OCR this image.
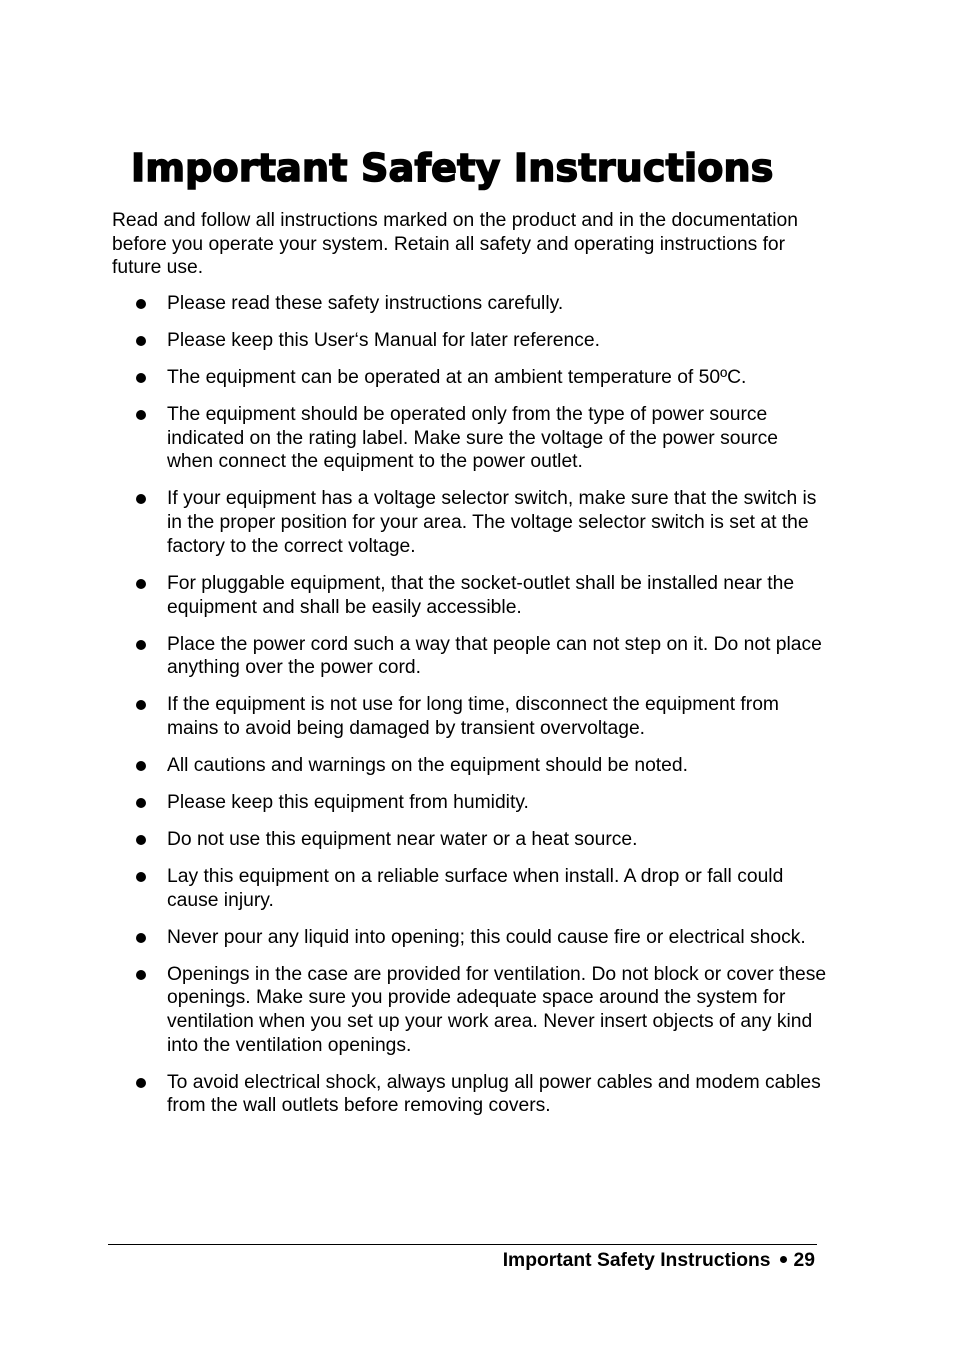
Important Safety Instructions

Read and follow all instructions marked on the product and in the documentation before you operate your system. Retain all safety and operating instructions for future use.

Please read these safety instructions carefully.
Please keep this User‘s Manual for later reference.
The equipment can be operated at an ambient temperature of 50ºC.
The equipment should be operated only from the type of power source indicated on the rating label. Make sure the voltage of the power source when connect the equipment to the power outlet.
If your equipment has a voltage selector switch, make sure that the switch is in the proper position for your area. The voltage selector switch is set at the factory to the correct voltage.
For pluggable equipment, that the socket-outlet shall be installed near the equipment and shall be easily accessible.
Place the power cord such a way that people can not step on it. Do not place anything over the power cord.
If the equipment is not use for long time, disconnect the equipment from mains to avoid being damaged by transient overvoltage.
All cautions and warnings on the equipment should be noted.
Please keep this equipment from humidity.
Do not use this equipment near water or a heat source.
Lay this equipment on a reliable surface when install. A drop or fall could cause injury.
Never pour any liquid into opening; this could cause fire or electrical shock.
Openings in the case are provided for ventilation. Do not block or cover these openings. Make sure you provide adequate space around the system for ventilation when you set up your work area. Never insert objects of any kind into the ventilation openings.
To avoid electrical shock, always unplug all power cables and modem cables from the wall outlets before removing covers.
Important Safety Instructions 29
